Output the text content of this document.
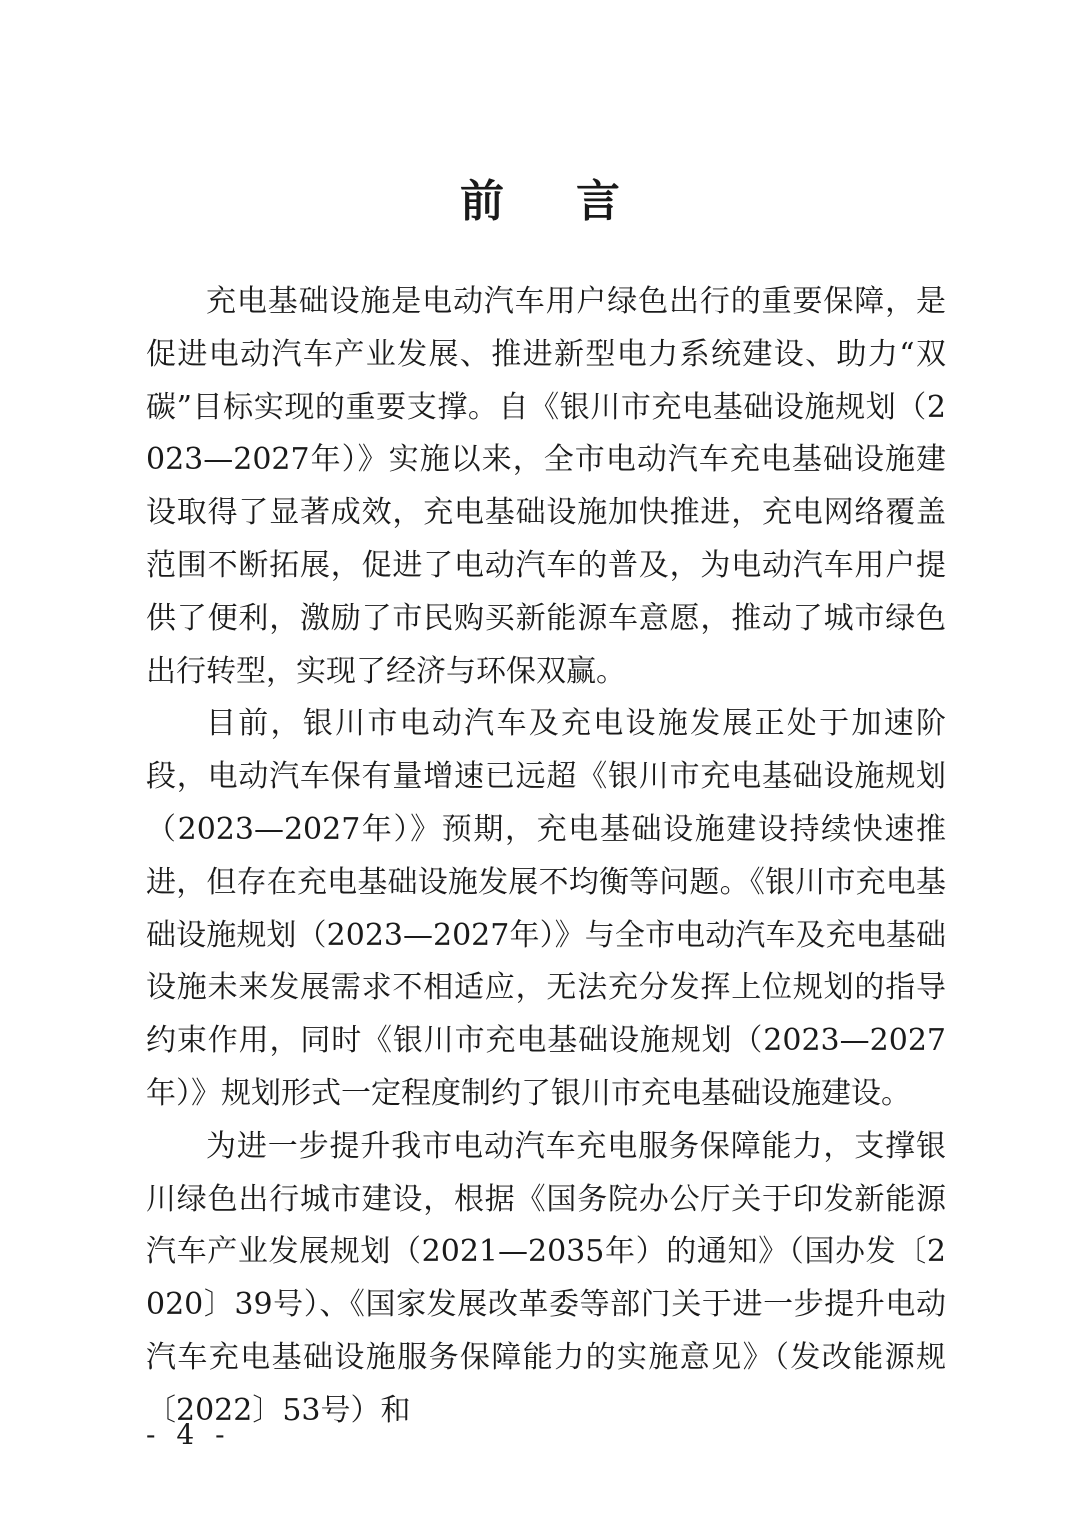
前言

充电基础设施是电动汽车用户绿色出行的重要保障，是促进电动汽车产业发展、推进新型电力系统建设、助力“双碳”目标实现的重要支撑。自《银川市充电基础设施规划（2023—2027年）》实施以来，全市电动汽车充电基础设施建设取得了显著成效，充电基础设施加快推进，充电网络覆盖范围不断拓展，促进了电动汽车的普及，为电动汽车用户提供了便利，激励了市民购买新能源车意愿，推动了城市绿色出行转型，实现了经济与环保双赢。

目前，银川市电动汽车及充电设施发展正处于加速阶段，电动汽车保有量增速已远超《银川市充电基础设施规划（2023—2027年）》预期，充电基础设施建设持续快速推进，但存在充电基础设施发展不均衡等问题。《银川市充电基础设施规划（2023—2027年）》与全市电动汽车及充电基础设施未来发展需求不相适应，无法充分发挥上位规划的指导约束作用，同时《银川市充电基础设施规划（2023—2027年）》规划形式一定程度制约了银川市充电基础设施建设。

为进一步提升我市电动汽车充电服务保障能力，支撑银川绿色出行城市建设，根据《国务院办公厅关于印发新能源汽车产业发展规划（2021—2035年）的通知》（国办发〔2020〕39号）、《国家发展改革委等部门关于进一步提升电动汽车充电基础设施服务保障能力的实施意见》（发改能源规〔2022〕53号）和

- 4 -
